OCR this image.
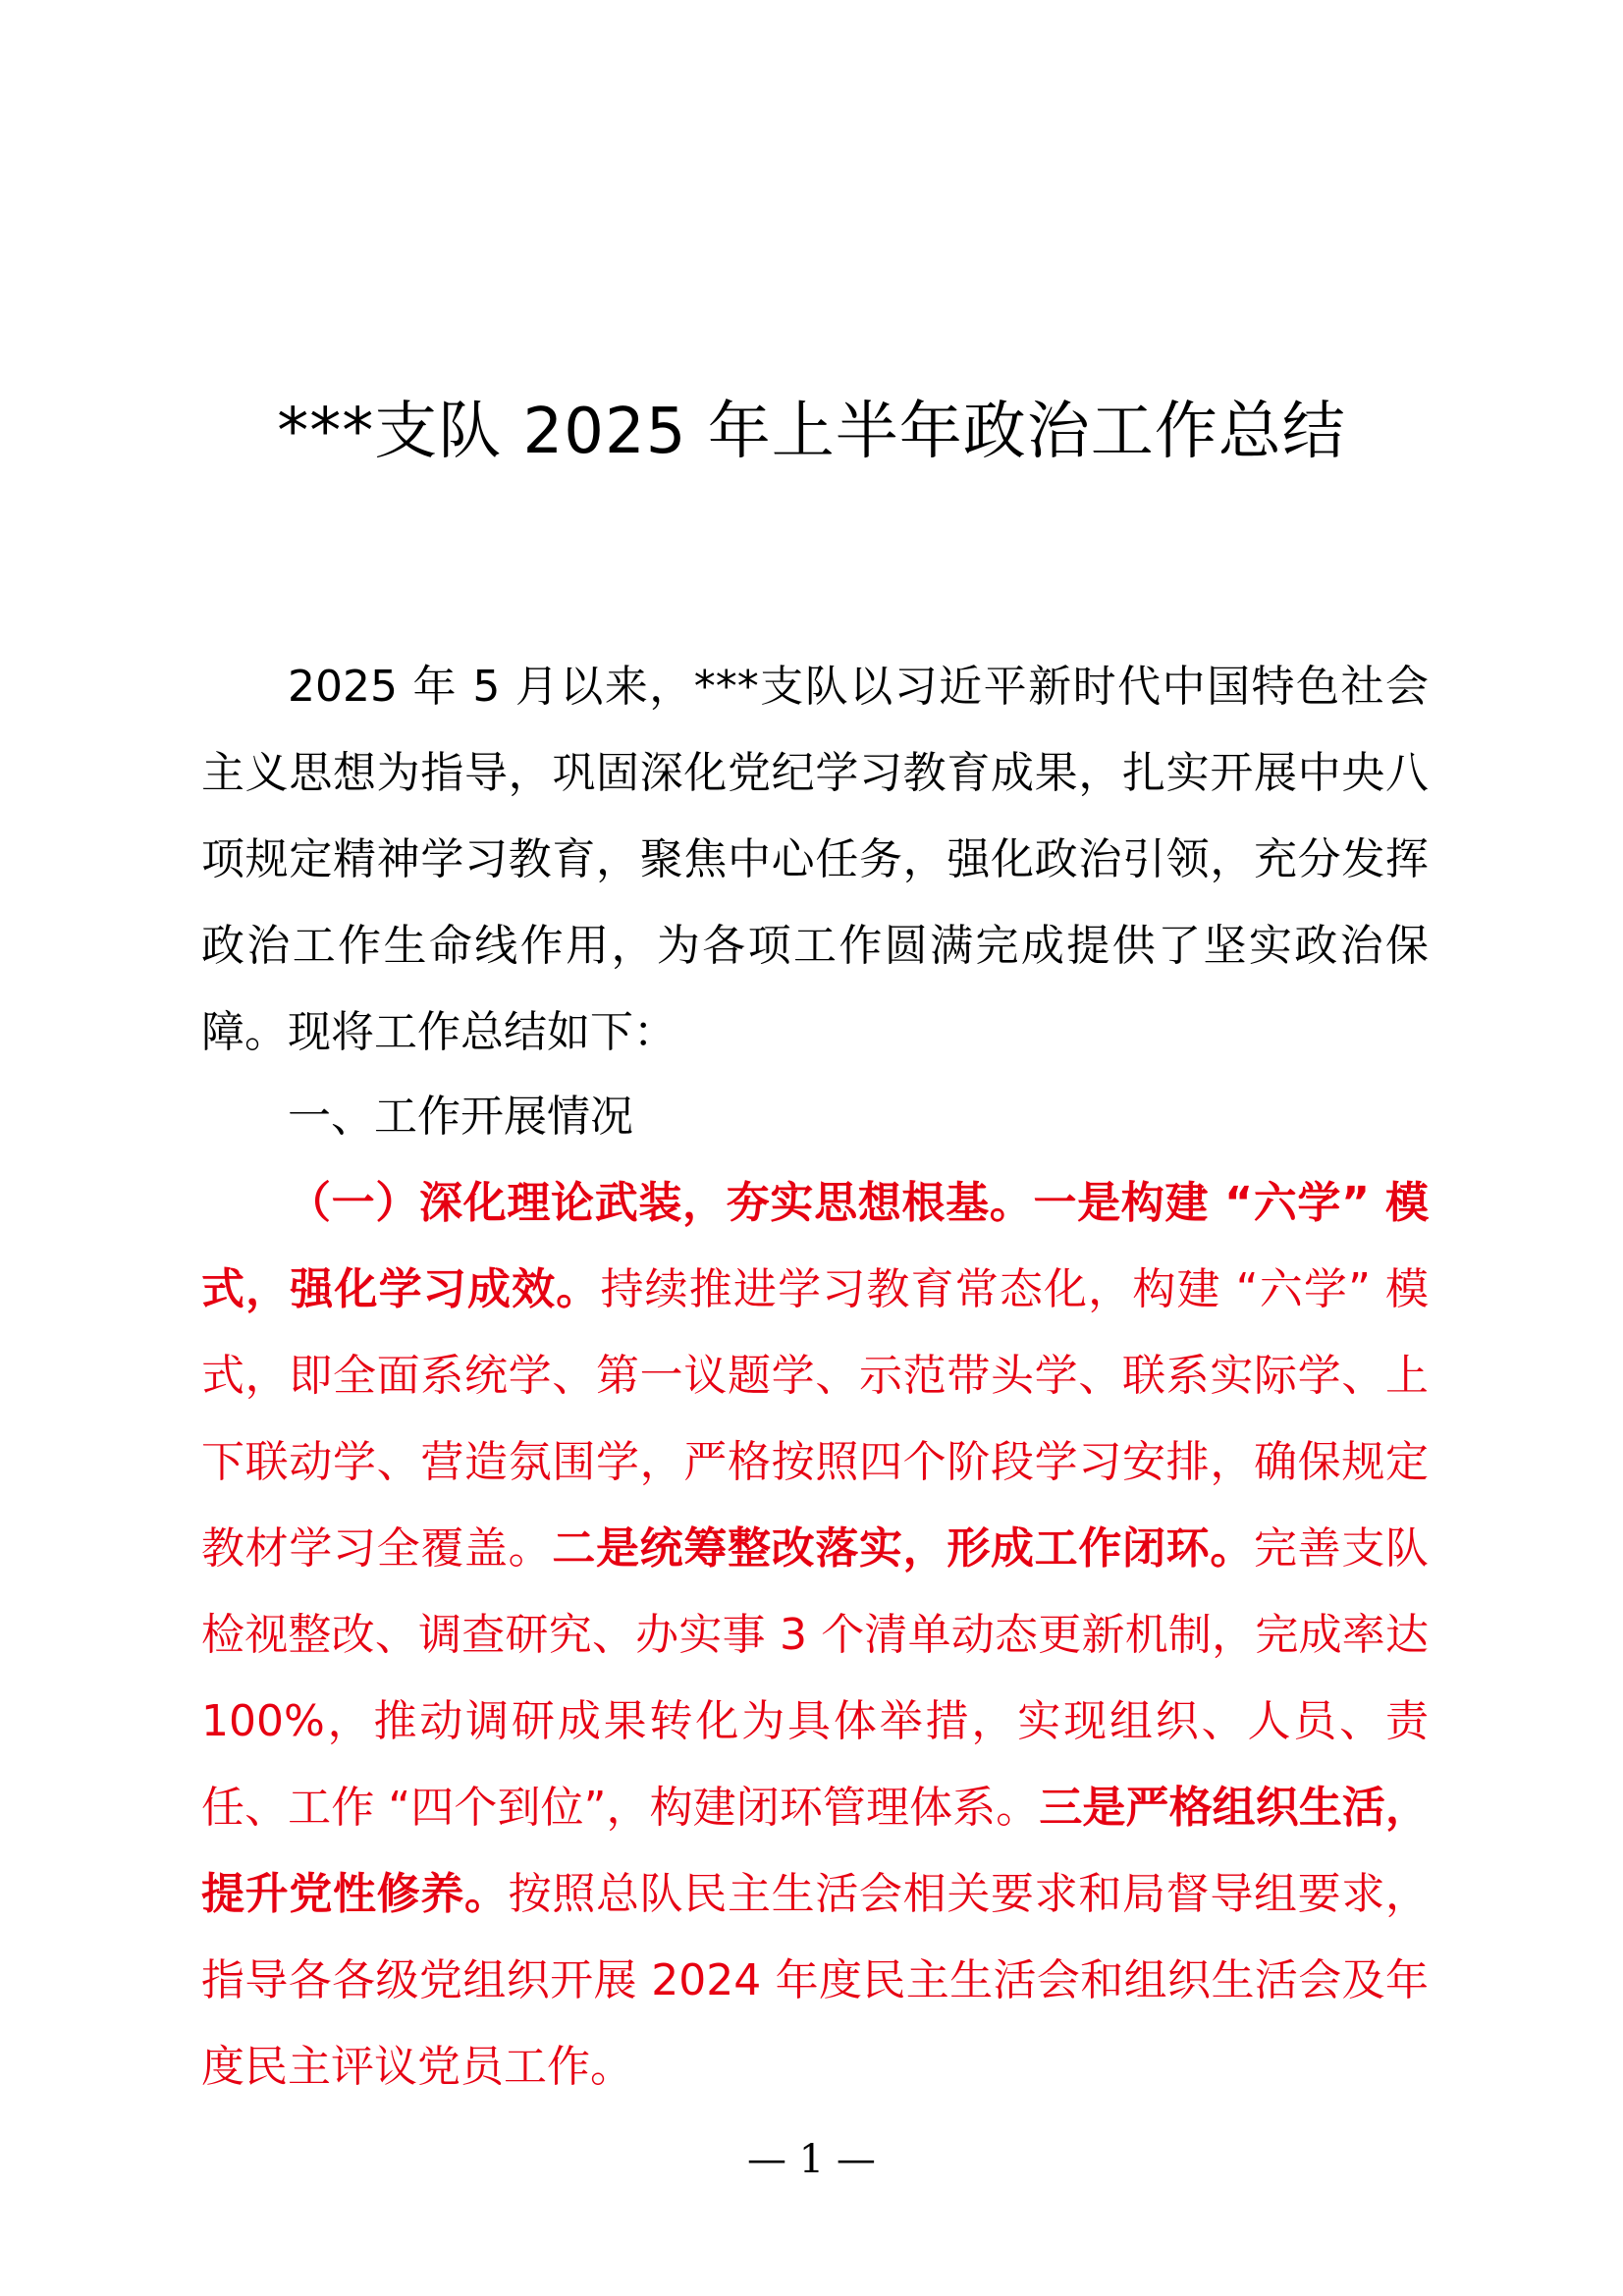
***支队 2025 年上半年政治工作总结

2025 年 5 月以来，***支队以习近平新时代中国特色社会主义思想为指导，巩固深化党纪学习教育成果，扎实开展中央八项规定精神学习教育，聚焦中心任务，强化政治引领，充分发挥政治工作生命线作用，为各项工作圆满完成提供了坚实政治保障。现将工作总结如下：

一、工作开展情况

（一）深化理论武装，夯实思想根基。一是构建 “六学” 模式，强化学习成效。持续推进学习教育常态化，构建 “六学” 模式，即全面系统学、第一议题学、示范带头学、联系实际学、上下联动学、营造氛围学，严格按照四个阶段学习安排，确保规定教材学习全覆盖。二是统筹整改落实，形成工作闭环。完善支队检视整改、调查研究、办实事 3 个清单动态更新机制，完成率达 100%，推动调研成果转化为具体举措，实现组织、人员、责任、工作 “四个到位”，构建闭环管理体系。三是严格组织生活，提升党性修养。按照总队民主生活会相关要求和局督导组要求，指导各各级党组织开展 2024 年度民主生活会和组织生活会及年度民主评议党员工作。

— 1 —
